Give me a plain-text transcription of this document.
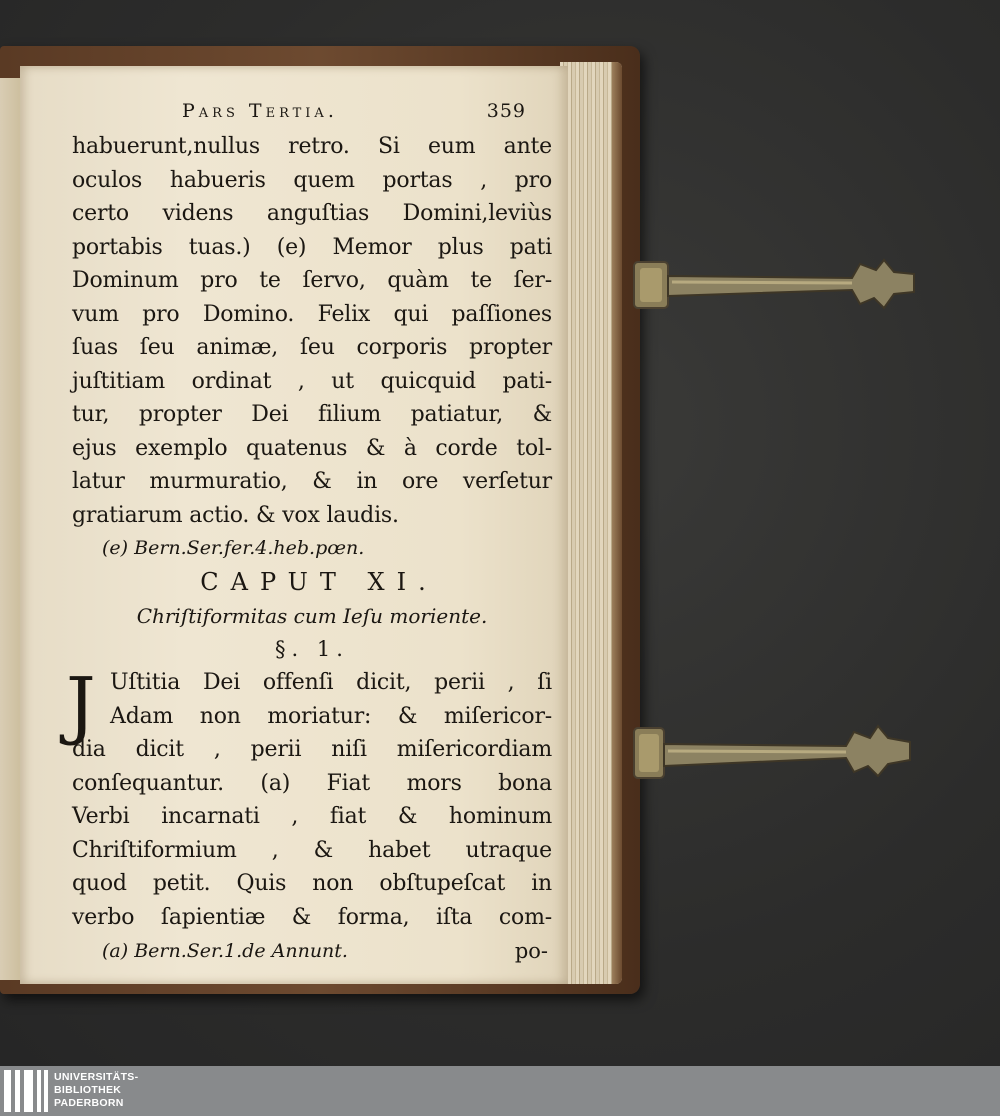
Pars Tertia.	359
habuerunt,nullus retro. Si eum ante
oculos habueris quem portas , pro
certo videns anguſtias Domini,leviùs
portabis tuas.) (e) Memor plus pati
Dominum pro te ſervo, quàm te ſer-
vum pro Domino. Felix qui paſſiones
ſuas ſeu animæ, ſeu corporis propter
juſtitiam ordinat , ut quicquid pati-
tur, propter Dei filium patiatur, &
ejus exemplo quatenus & à corde tol-
latur murmuratio, & in ore verſetur
gratiarum actio. & vox laudis.
(e) Bern.Ser.fer.4.heb.pœn.
CAPUT XI.
Chriſtiformitas cum Ieſu moriente.
§. 1.
J Uſtitia Dei offenſi dicit, perii , ſi
Adam non moriatur: & miſericor-
dia dicit , perii niſi miſericordiam
conſequantur. (a) Fiat mors bona
Verbi incarnati , fiat & hominum
Chriſtiformium , & habet utraque
quod petit. Quis non obſtupeſcat in
verbo ſapientiæ & forma, iſta com-
(a) Bern.Ser.1.de Annunt.	po-
UNIVERSITÄTS-
BIBLIOTHEK
PADERBORN
